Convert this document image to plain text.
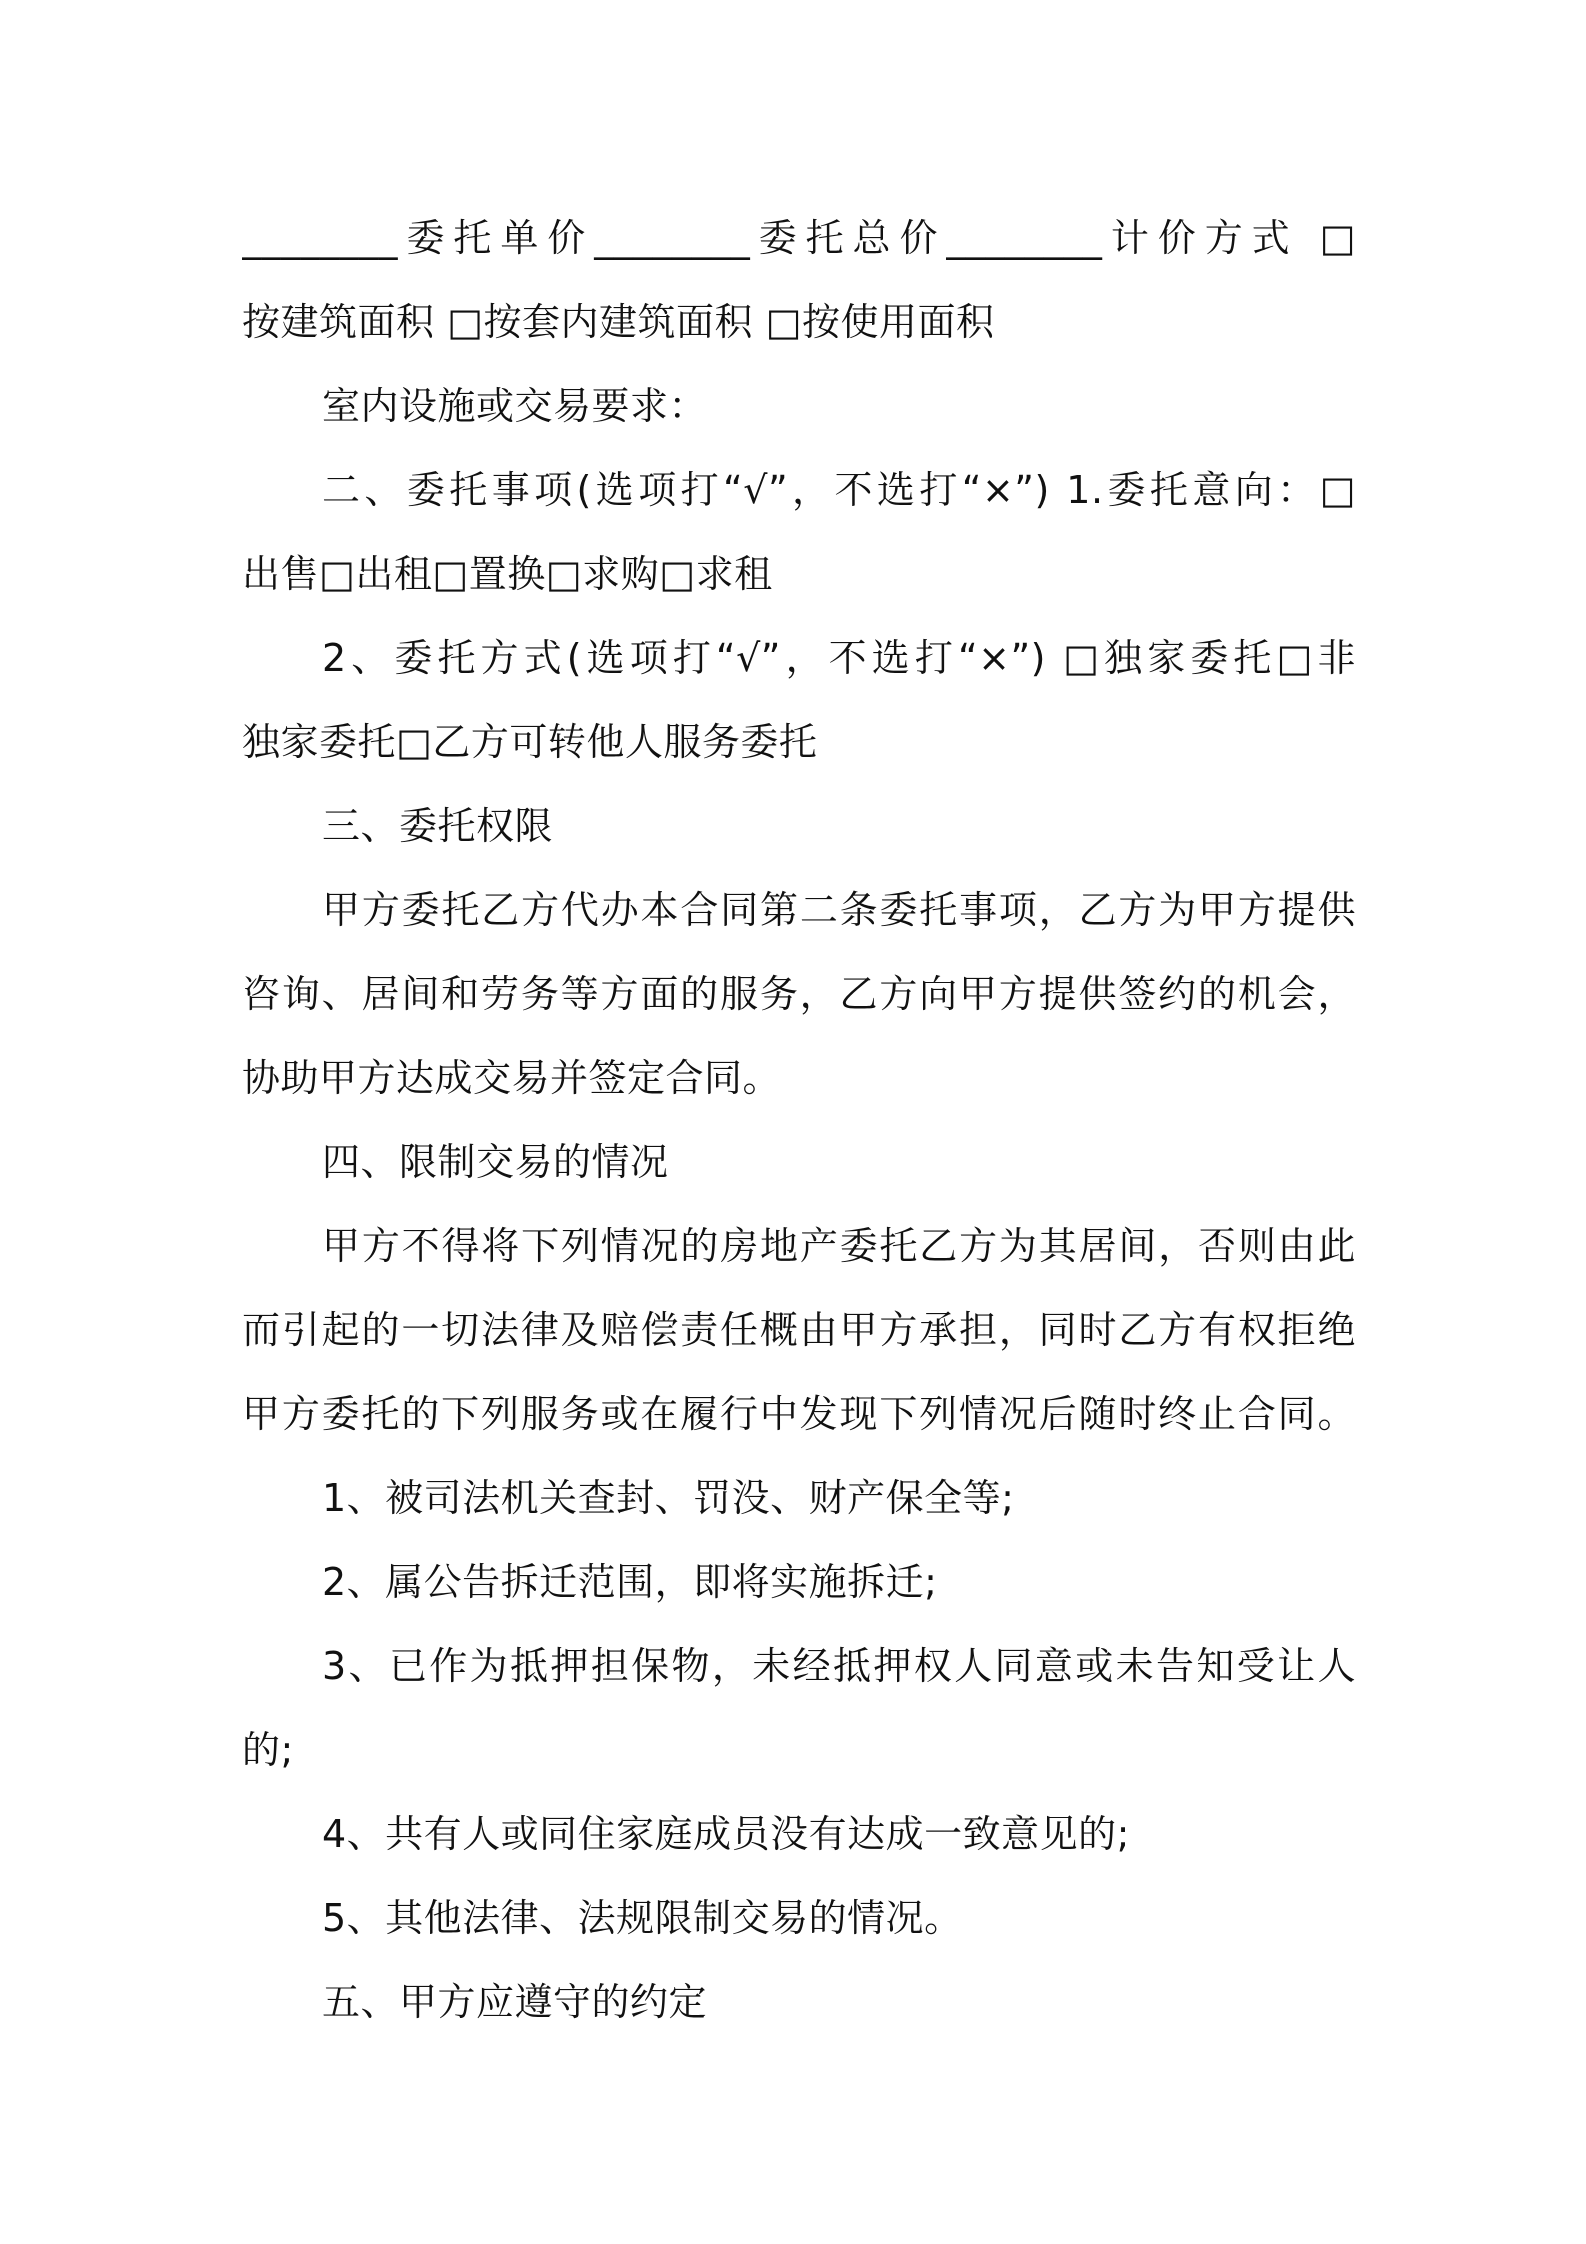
________委托单价________委托总价________计价方式 □
按建筑面积 □按套内建筑面积 □按使用面积
室内设施或交易要求：
二、委托事项(选项打“√”，不选打“×”) 1.委托意向：□
出售□出租□置换□求购□求租
2、委托方式(选项打“√”，不选打“×”) □独家委托□非
独家委托□乙方可转他人服务委托
三、委托权限
甲方委托乙方代办本合同第二条委托事项，乙方为甲方提供
咨询、居间和劳务等方面的服务，乙方向甲方提供签约的机会，
协助甲方达成交易并签定合同。
四、限制交易的情况
甲方不得将下列情况的房地产委托乙方为其居间，否则由此
而引起的一切法律及赔偿责任概由甲方承担，同时乙方有权拒绝
甲方委托的下列服务或在履行中发现下列情况后随时终止合同。
1、被司法机关查封、罚没、财产保全等;
2、属公告拆迁范围，即将实施拆迁;
3、已作为抵押担保物，未经抵押权人同意或未告知受让人
的;
4、共有人或同住家庭成员没有达成一致意见的;
5、其他法律、法规限制交易的情况。
五、甲方应遵守的约定
